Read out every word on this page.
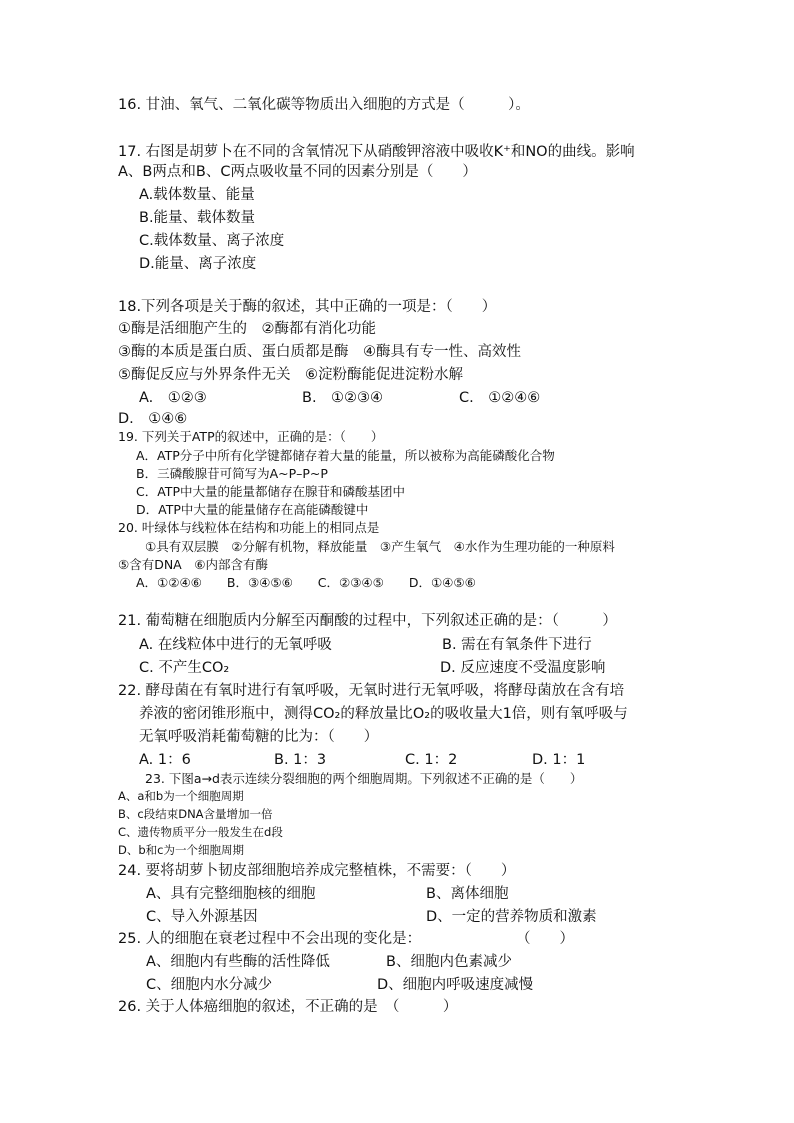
16. 甘油、氧气、二氧化碳等物质出入细胞的方式是（　　　）。
17. 右图是胡萝卜在不同的含氧情况下从硝酸钾溶液中吸收K⁺和NO的曲线。影响
A、B两点和B、C两点吸收量不同的因素分别是（　　）
A.载体数量、能量
B.能量、载体数量
C.载体数量、离子浓度
D.能量、离子浓度
18.下列各项是关于酶的叙述，其中正确的一项是：（　　）
①酶是活细胞产生的　②酶都有消化功能
③酶的本质是蛋白质、蛋白质都是酶　④酶具有专一性、高效性
⑤酶促反应与外界条件无关　⑥淀粉酶能促进淀粉水解
A.　①②③	B.　①②③④	C.　①②④⑥
D.　①④⑥
19. 下列关于ATP的叙述中，正确的是：（　　）
A．ATP分子中所有化学键都储存着大量的能量，所以被称为高能磷酸化合物
B．三磷酸腺苷可简写为A~P–P~P
C．ATP中大量的能量都储存在腺苷和磷酸基团中
D．ATP中大量的能量储存在高能磷酸键中
20. 叶绿体与线粒体在结构和功能上的相同点是
①具有双层膜　②分解有机物，释放能量　③产生氧气　④水作为生理功能的一种原料
⑤含有DNA　⑥内部含有酶
A．①②④⑥　　B．③④⑤⑥　　C．②③④⑤　　D．①④⑤⑥
21. 葡萄糖在细胞质内分解至丙酮酸的过程中，下列叙述正确的是：（　　　）
A. 在线粒体中进行的无氧呼吸	B. 需在有氧条件下进行
C. 不产生CO₂	D. 反应速度不受温度影响
22. 酵母菌在有氧时进行有氧呼吸，无氧时进行无氧呼吸，将酵母菌放在含有培
养液的密闭锥形瓶中，测得CO₂的释放量比O₂的吸收量大1倍，则有氧呼吸与
无氧呼吸消耗葡萄糖的比为：（　　）
A. 1：6	B. 1：3	C. 1：2	D. 1：1
23. 下图a→d表示连续分裂细胞的两个细胞周期。下列叙述不正确的是（　　）
A、a和b为一个细胞周期
B、c段结束DNA含量增加一倍
C、遗传物质平分一般发生在d段
D、b和c为一个细胞周期
24. 要将胡萝卜韧皮部细胞培养成完整植株，不需要：（　　）
A、具有完整细胞核的细胞	B、离体细胞
C、导入外源基因	D、一定的营养物质和激素
25. 人的细胞在衰老过程中不会出现的变化是：	（　　）
A、细胞内有些酶的活性降低	B、细胞内色素减少
C、细胞内水分减少	D、细胞内呼吸速度减慢
26. 关于人体癌细胞的叙述，不正确的是　（　　　）
